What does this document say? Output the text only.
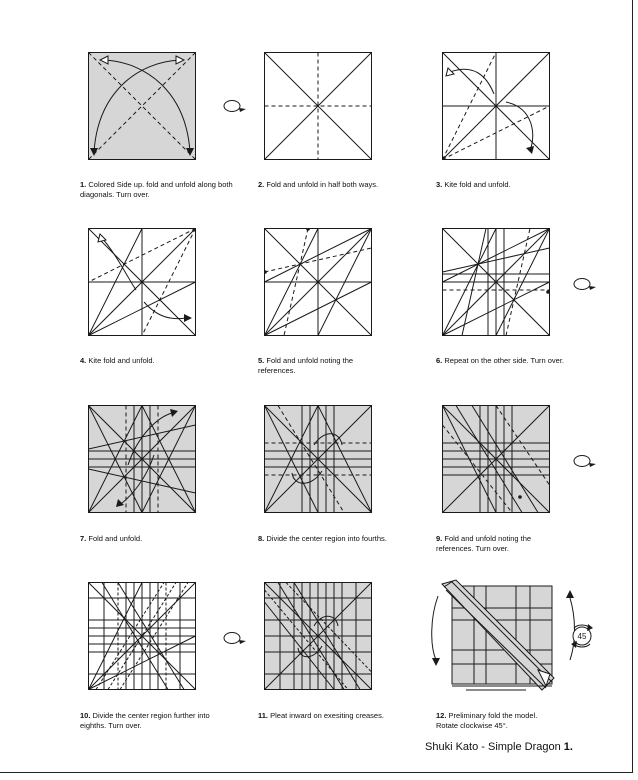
1. Colored Side up. fold and unfold along both diagonals. Turn over.
2. Fold and unfold in half both ways.	3. Kite fold and unfold.
4. Kite fold and unfold.	5. Fold and unfold noting the references.
6. Repeat on the other side. Turn over.
7. Fold and unfold.	8. Divide the center region into fourths.	9. Fold and unfold noting the references. Turn over.
45
10. Divide the center region further into eighths. Turn over.
11. Pleat inward on exesiting creases.	12. Preliminary fold the model. Rotate clockwise 45°.
Shuki Kato - Simple Dragon 1.
